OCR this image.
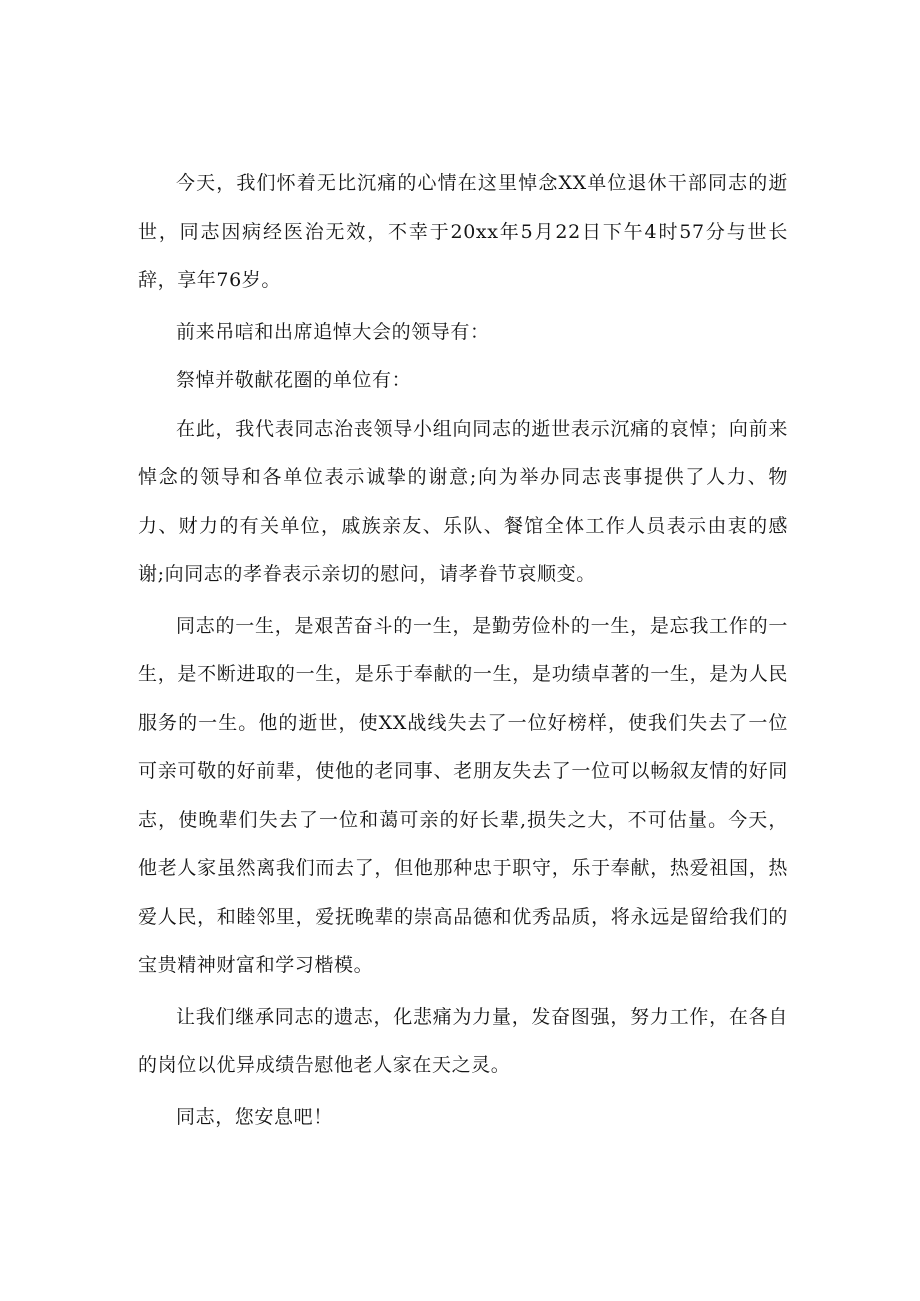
今天，我们怀着无比沉痛的心情在这里悼念XX单位退休干部同志的逝世，同志因病经医治无效，不幸于20xx年5月22日下午4时57分与世长辞，享年76岁。

前来吊唁和出席追悼大会的领导有：

祭悼并敬献花圈的单位有：

在此，我代表同志治丧领导小组向同志的逝世表示沉痛的哀悼；向前来悼念的领导和各单位表示诚挚的谢意;向为举办同志丧事提供了人力、物力、财力的有关单位，戚族亲友、乐队、餐馆全体工作人员表示由衷的感谢;向同志的孝眷表示亲切的慰问，请孝眷节哀顺变。

同志的一生，是艰苦奋斗的一生，是勤劳俭朴的一生，是忘我工作的一生，是不断进取的一生，是乐于奉献的一生，是功绩卓著的一生，是为人民服务的一生。他的逝世，使XX战线失去了一位好榜样，使我们失去了一位可亲可敬的好前辈，使他的老同事、老朋友失去了一位可以畅叙友情的好同志，使晚辈们失去了一位和蔼可亲的好长辈,损失之大，不可估量。今天，他老人家虽然离我们而去了，但他那种忠于职守，乐于奉献，热爱祖国，热爱人民，和睦邻里，爱抚晚辈的崇高品德和优秀品质，将永远是留给我们的宝贵精神财富和学习楷模。

让我们继承同志的遗志，化悲痛为力量，发奋图强，努力工作，在各自的岗位以优异成绩告慰他老人家在天之灵。

同志，您安息吧！
